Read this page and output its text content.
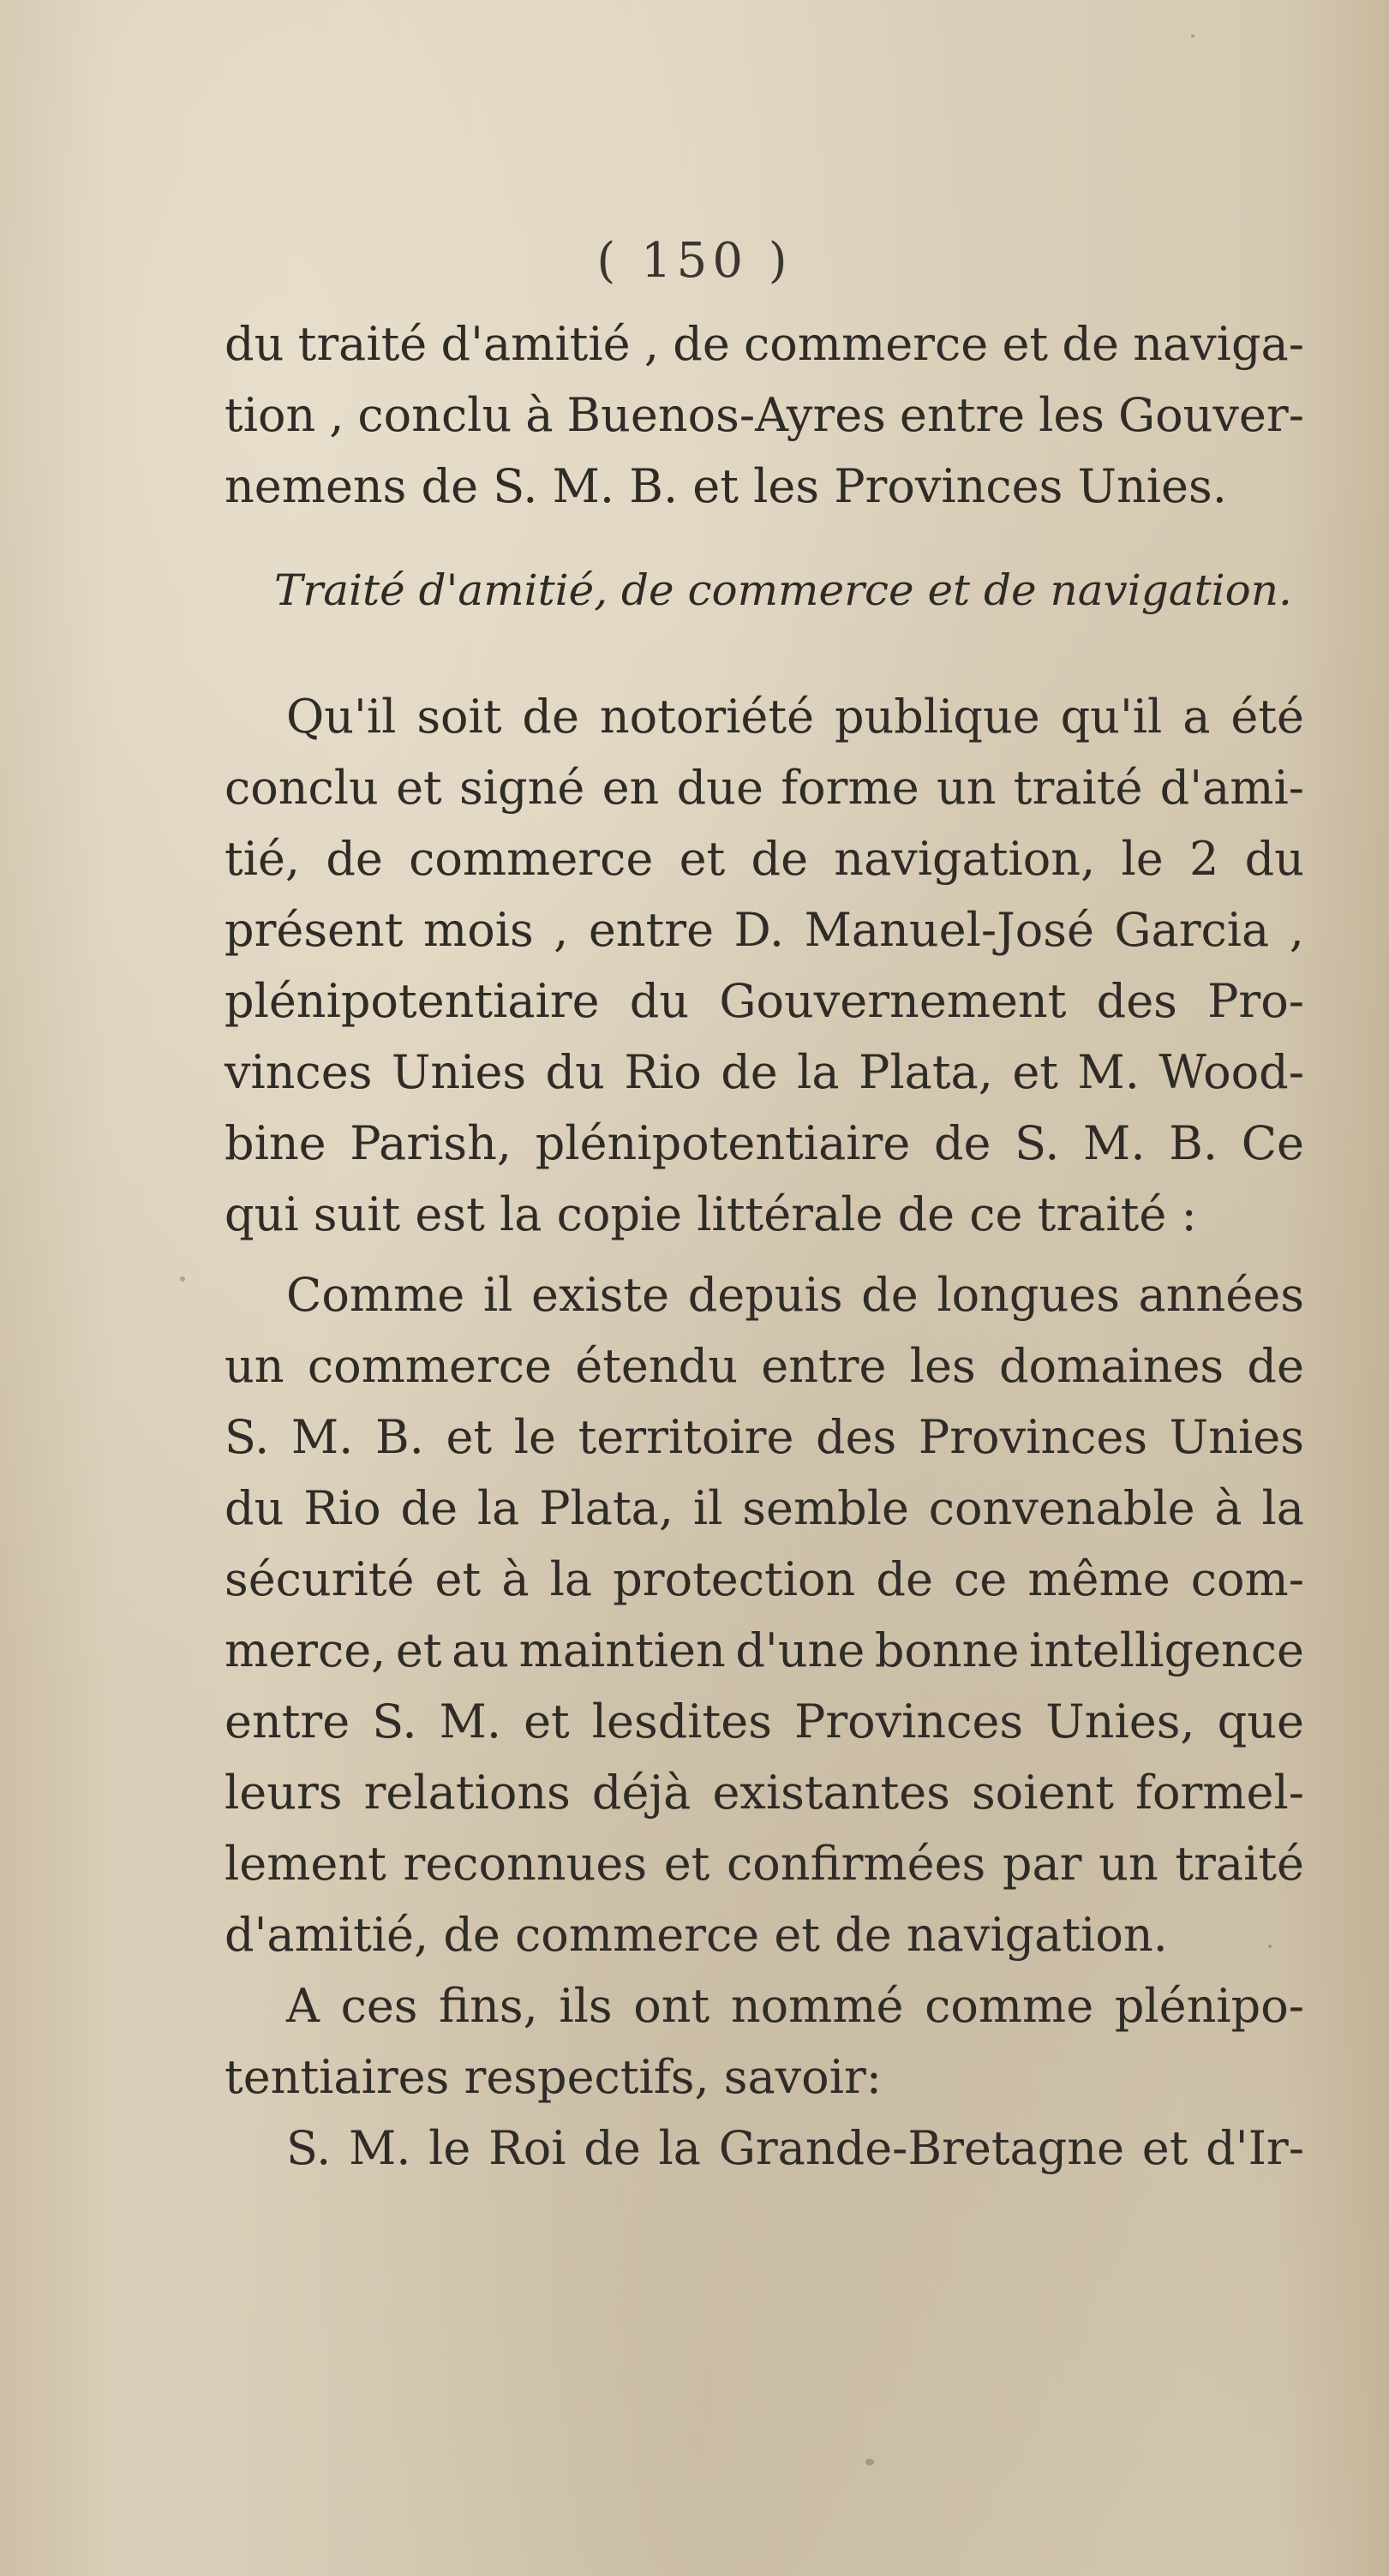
( 150 )
du traité d'amitié , de commerce et de naviga-
tion , conclu à Buenos-Ayres entre les Gouver-
nemens de S. M. B. et les Provinces Unies.
Traité d'amitié, de commerce et de navigation.
Qu'il soit de notoriété publique qu'il a été
conclu et signé en due forme un traité d'ami-
tié, de commerce et de navigation, le 2 du
présent mois , entre D. Manuel-José Garcia ,
plénipotentiaire du Gouvernement des Pro-
vinces Unies du Rio de la Plata, et M. Wood-
bine Parish, plénipotentiaire de S. M. B. Ce
qui suit est la copie littérale de ce traité :
Comme il existe depuis de longues années
un commerce étendu entre les domaines de
S. M. B. et le territoire des Provinces Unies
du Rio de la Plata, il semble convenable à la
sécurité et à la protection de ce même com-
merce, et au maintien d'une bonne intelligence
entre S. M. et lesdites Provinces Unies, que
leurs relations déjà existantes soient formel-
lement reconnues et confirmées par un traité
d'amitié, de commerce et de navigation.
A ces fins, ils ont nommé comme plénipo-
tentiaires respectifs, savoir:
S. M. le Roi de la Grande-Bretagne et d'Ir-
